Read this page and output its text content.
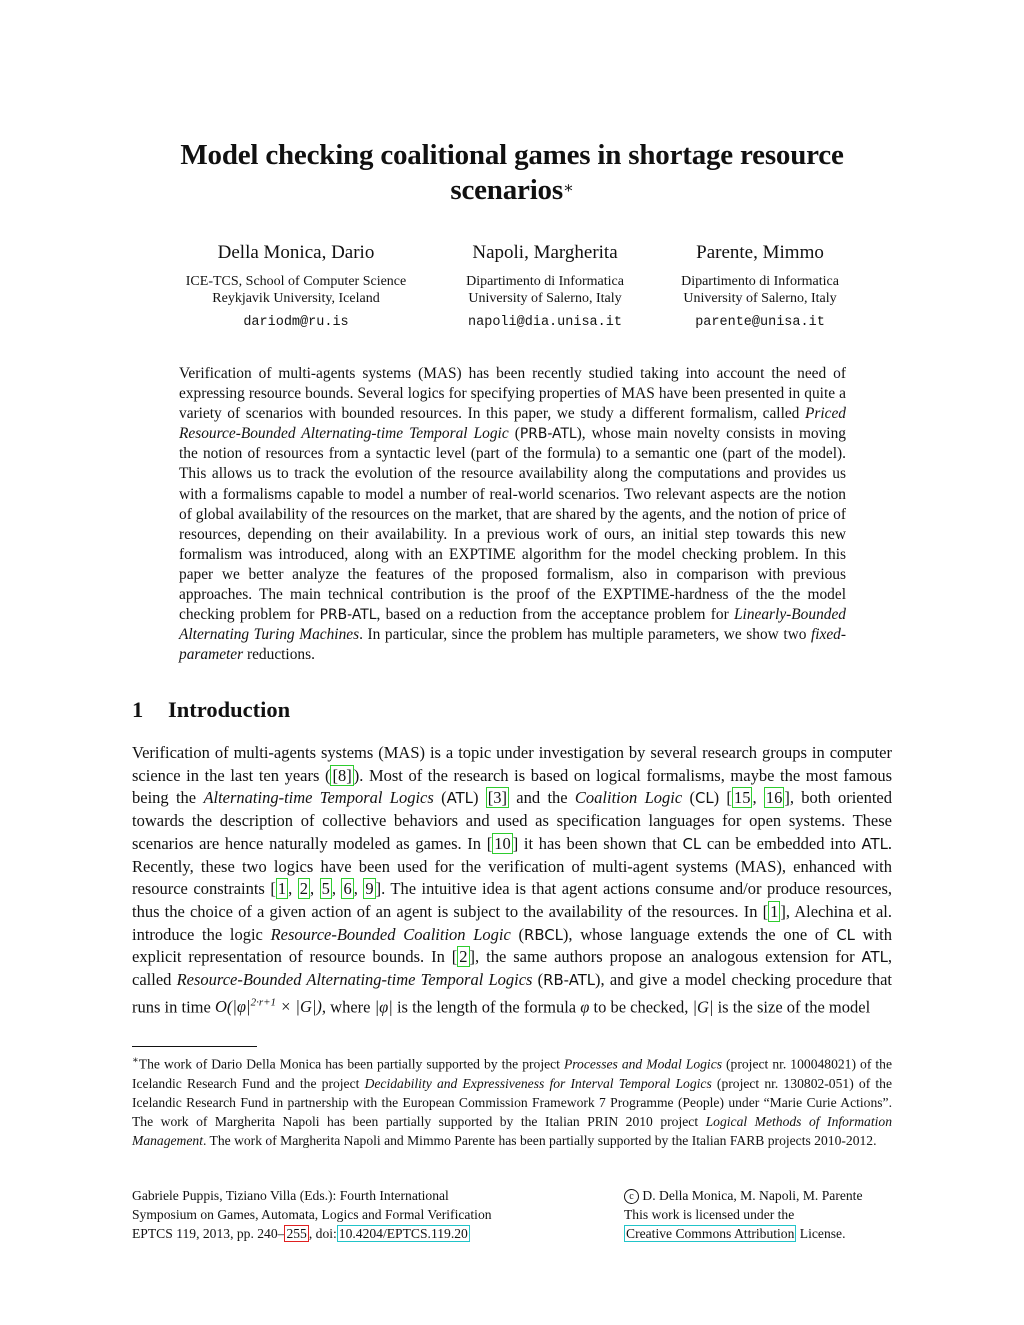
Model checking coalitional games in shortage resource scenarios∗
Della Monica, Dario
ICE-TCS, School of Computer Science
Reykjavik University, Iceland
dariodm@ru.is
Napoli, Margherita
Dipartimento di Informatica
University of Salerno, Italy
napoli@dia.unisa.it
Parente, Mimmo
Dipartimento di Informatica
University of Salerno, Italy
parente@unisa.it
Verification of multi-agents systems (MAS) has been recently studied taking into account the need of expressing resource bounds. Several logics for specifying properties of MAS have been presented in quite a variety of scenarios with bounded resources. In this paper, we study a different formalism, called Priced Resource-Bounded Alternating-time Temporal Logic (PRB-ATL), whose main novelty consists in moving the notion of resources from a syntactic level (part of the formula) to a semantic one (part of the model). This allows us to track the evolution of the resource availability along the computations and provides us with a formalisms capable to model a number of real-world scenarios. Two relevant aspects are the notion of global availability of the resources on the market, that are shared by the agents, and the notion of price of resources, depending on their availability. In a previous work of ours, an initial step towards this new formalism was introduced, along with an EXPTIME algorithm for the model checking problem. In this paper we better analyze the features of the proposed formalism, also in comparison with previous approaches. The main technical contribution is the proof of the EXPTIME-hardness of the the model checking problem for PRB-ATL, based on a reduction from the acceptance problem for Linearly-Bounded Alternating Turing Machines. In particular, since the problem has multiple parameters, we show two fixed-parameter reductions.
1 Introduction
Verification of multi-agents systems (MAS) is a topic under investigation by several research groups in computer science in the last ten years ( [8] ). Most of the research is based on logical formalisms, maybe the most famous being the Alternating-time Temporal Logics (ATL) [3] and the Coalition Logic (CL) [ 15 , 16 ], both oriented towards the description of collective behaviors and used as specification languages for open systems. These scenarios are hence naturally modeled as games. In [ 10 ] it has been shown that CL can be embedded into ATL. Recently, these two logics have been used for the verification of multi-agent systems (MAS), enhanced with resource constraints [ 1 , 2 , 5 , 6 , 9 ]. The intuitive idea is that agent actions consume and/or produce resources, thus the choice of a given action of an agent is subject to the availability of the resources. In [ 1 ], Alechina et al. introduce the logic Resource-Bounded Coalition Logic (RBCL), whose language extends the one of CL with explicit representation of resource bounds. In [ 2 ], the same authors propose an analogous extension for ATL, called Resource-Bounded Alternating-time Temporal Logics (RB-ATL), and give a model checking procedure that runs in time $O(|\varphi|^{2\cdot r+1} \times |G|)$, where |φ| is the length of the formula φ to be checked, |G| is the size of the model
∗The work of Dario Della Monica has been partially supported by the project Processes and Modal Logics (project nr. 100048021) of the Icelandic Research Fund and the project Decidability and Expressiveness for Interval Temporal Logics (project nr. 130802-051) of the Icelandic Research Fund in partnership with the European Commission Framework 7 Programme (People) under “Marie Curie Actions”. The work of Margherita Napoli has been partially supported by the Italian PRIN 2010 project Logical Methods of Information Management. The work of Margherita Napoli and Mimmo Parente has been partially supported by the Italian FARB projects 2010-2012.
Gabriele Puppis, Tiziano Villa (Eds.): Fourth International
Symposium on Games, Automata, Logics and Formal Verification
EPTCS 119, 2013, pp. 240– 255 , doi: 10.4204/EPTCS.119.20
c D. Della Monica, M. Napoli, M. Parente
This work is licensed under the
Creative Commons Attribution License.
